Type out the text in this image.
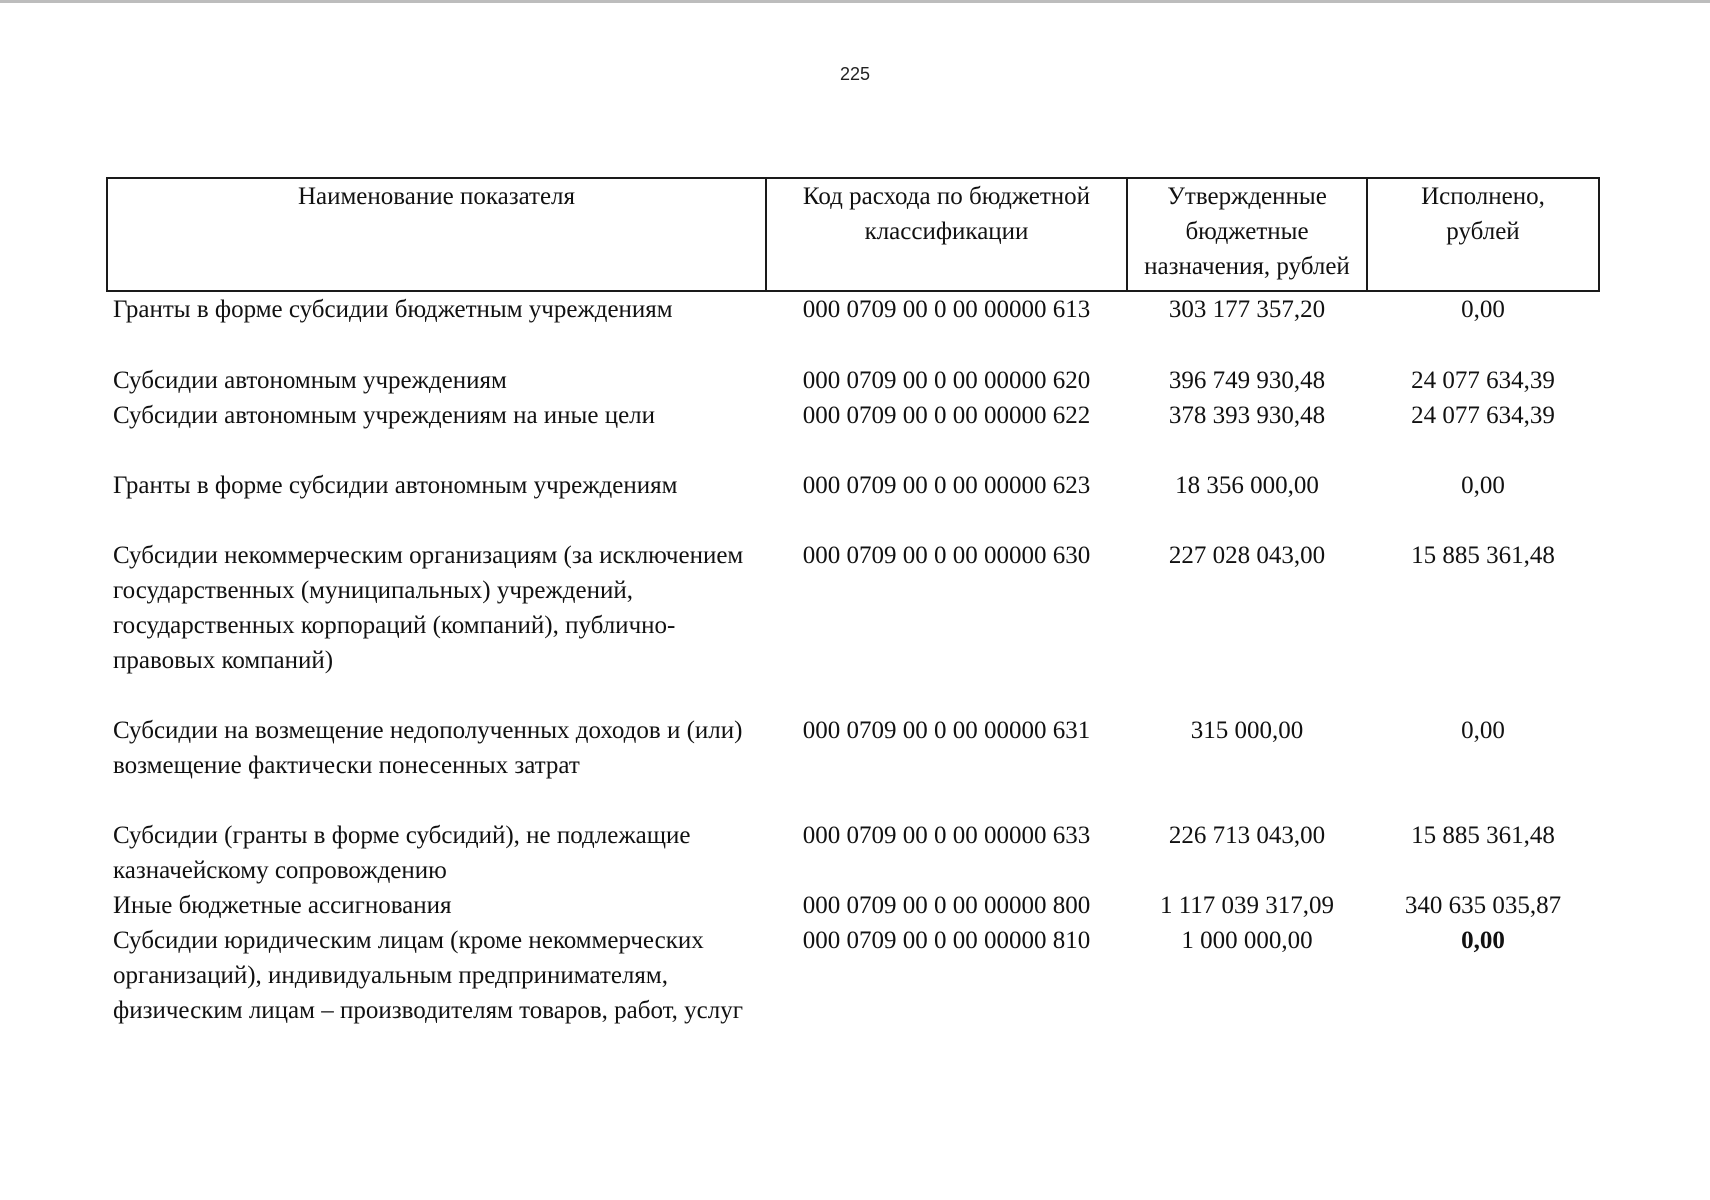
225
Наименование показателя	Код расхода по бюджетной классификации	Утвержденные бюджетные назначения, рублей	Исполнено, рублей
Гранты в форме субсидии бюджетным учреждениям	000 0709 00 0 00 00000 613	303 177 357,20	0,00
Субсидии автономным учреждениям	000 0709 00 0 00 00000 620	396 749 930,48	24 077 634,39
Субсидии автономным учреждениям на иные цели	000 0709 00 0 00 00000 622	378 393 930,48	24 077 634,39
Гранты в форме субсидии автономным учреждениям	000 0709 00 0 00 00000 623	18 356 000,00	0,00
Субсидии некоммерческим организациям (за исключением государственных (муниципальных) учреждений, государственных корпораций (компаний), публично-правовых компаний)	000 0709 00 0 00 00000 630	227 028 043,00	15 885 361,48
Субсидии на возмещение недополученных доходов и (или) возмещение фактически понесенных затрат	000 0709 00 0 00 00000 631	315 000,00	0,00
Субсидии (гранты в форме субсидий), не подлежащие казначейскому сопровождению	000 0709 00 0 00 00000 633	226 713 043,00	15 885 361,48
Иные бюджетные ассигнования	000 0709 00 0 00 00000 800	1 117 039 317,09	340 635 035,87
Субсидии юридическим лицам (кроме некоммерческих организаций), индивидуальным предпринимателям, физическим лицам – производителям товаров, работ, услуг	000 0709 00 0 00 00000 810	1 000 000,00	0,00
